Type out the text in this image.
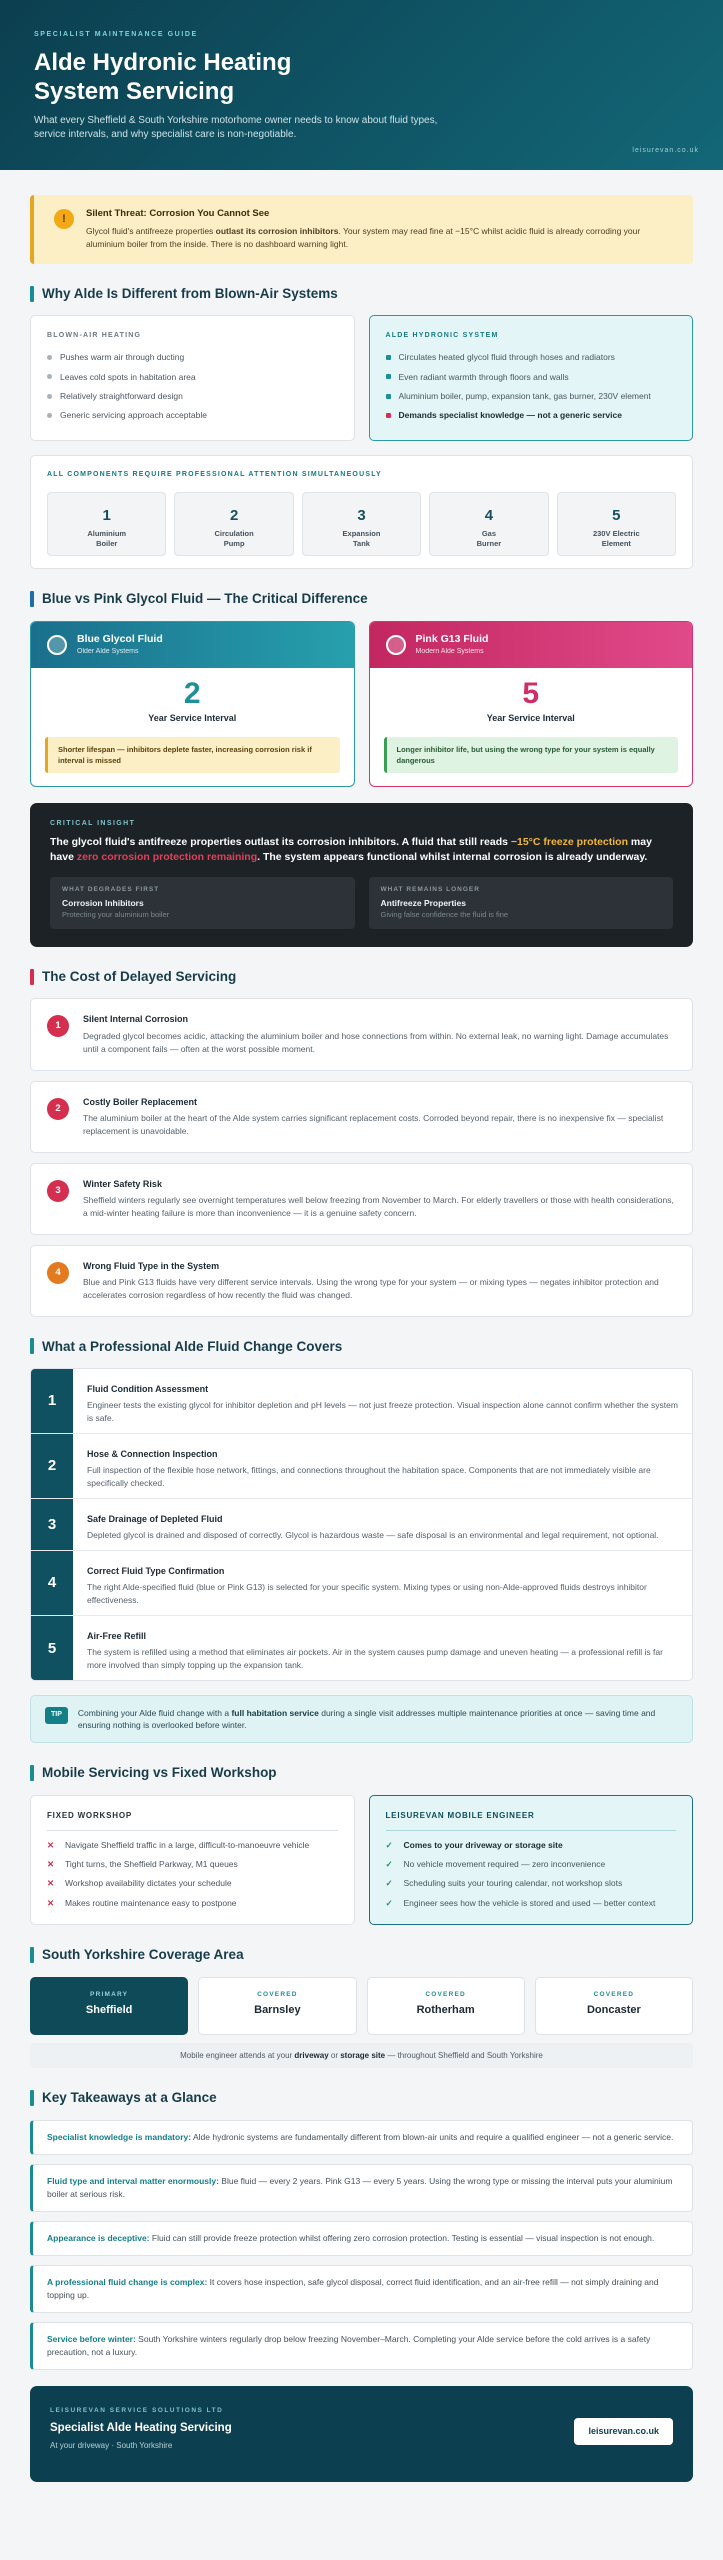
SPECIALIST MAINTENANCE GUIDE
Alde Hydronic Heating
System Servicing
What every Sheffield & South Yorkshire motorhome owner needs to know about fluid types, service intervals, and why specialist care is non-negotiable.
leisurevan.co.uk
!	Silent Threat: Corrosion You Cannot See
Glycol fluid's antifreeze properties outlast its corrosion inhibitors. Your system may read fine at −15°C whilst acidic fluid is already corroding your aluminium boiler from the inside. There is no dashboard warning light.
Why Alde Is Different from Blown-Air Systems
BLOWN-AIR HEATING
Pushes warm air through ducting
Leaves cold spots in habitation area
Relatively straightforward design
Generic servicing approach acceptable
ALDE HYDRONIC SYSTEM
Circulates heated glycol fluid through hoses and radiators
Even radiant warmth through floors and walls
Aluminium boiler, pump, expansion tank, gas burner, 230V element
Demands specialist knowledge — not a generic service
ALL COMPONENTS REQUIRE PROFESSIONAL ATTENTION SIMULTANEOUSLY
1
Aluminium
Boiler
2
Circulation
Pump
3
Expansion
Tank
4
Gas
Burner
5
230V Electric
Element
Blue vs Pink Glycol Fluid — The Critical Difference
Blue Glycol Fluid
Older Alde Systems
2
Year Service Interval
Shorter lifespan — inhibitors deplete faster, increasing corrosion risk if interval is missed
Pink G13 Fluid
Modern Alde Systems
5
Year Service Interval
Longer inhibitor life, but using the wrong type for your system is equally dangerous
CRITICAL INSIGHT
The glycol fluid's antifreeze properties outlast its corrosion inhibitors. A fluid that still reads −15°C freeze protection may have zero corrosion protection remaining. The system appears functional whilst internal corrosion is already underway.
WHAT DEGRADES FIRST
Corrosion Inhibitors
Protecting your aluminium boiler
WHAT REMAINS LONGER
Antifreeze Properties
Giving false confidence the fluid is fine
The Cost of Delayed Servicing
1
Silent Internal Corrosion
Degraded glycol becomes acidic, attacking the aluminium boiler and hose connections from within. No external leak, no warning light. Damage accumulates until a component fails — often at the worst possible moment.
2
Costly Boiler Replacement
The aluminium boiler at the heart of the Alde system carries significant replacement costs. Corroded beyond repair, there is no inexpensive fix — specialist replacement is unavoidable.
3
Winter Safety Risk
Sheffield winters regularly see overnight temperatures well below freezing from November to March. For elderly travellers or those with health considerations, a mid-winter heating failure is more than inconvenience — it is a genuine safety concern.
4
Wrong Fluid Type in the System
Blue and Pink G13 fluids have very different service intervals. Using the wrong type for your system — or mixing types — negates inhibitor protection and accelerates corrosion regardless of how recently the fluid was changed.
What a Professional Alde Fluid Change Covers
1
Fluid Condition Assessment
Engineer tests the existing glycol for inhibitor depletion and pH levels — not just freeze protection. Visual inspection alone cannot confirm whether the system is safe.
2
Hose & Connection Inspection
Full inspection of the flexible hose network, fittings, and connections throughout the habitation space. Components that are not immediately visible are specifically checked.
3	Safe Drainage of Depleted Fluid
Depleted glycol is drained and disposed of correctly. Glycol is hazardous waste — safe disposal is an environmental and legal requirement, not optional.
4
Correct Fluid Type Confirmation
The right Alde-specified fluid (blue or Pink G13) is selected for your specific system. Mixing types or using non-Alde-approved fluids destroys inhibitor effectiveness.
5
Air-Free Refill
The system is refilled using a method that eliminates air pockets. Air in the system causes pump damage and uneven heating — a professional refill is far more involved than simply topping up the expansion tank.
TIP	Combining your Alde fluid change with a full habitation service during a single visit addresses multiple maintenance priorities at once — saving time and ensuring nothing is overlooked before winter.
Mobile Servicing vs Fixed Workshop
FIXED WORKSHOP
✕	Navigate Sheffield traffic in a large, difficult-to-manoeuvre vehicle
✕	Tight turns, the Sheffield Parkway, M1 queues
✕	Workshop availability dictates your schedule
✕	Makes routine maintenance easy to postpone
LEISUREVAN MOBILE ENGINEER
✓	Comes to your driveway or storage site
✓	No vehicle movement required — zero inconvenience
✓	Scheduling suits your touring calendar, not workshop slots
✓	Engineer sees how the vehicle is stored and used — better context
South Yorkshire Coverage Area
PRIMARY
Sheffield
COVERED
Barnsley
COVERED
Rotherham
COVERED
Doncaster
Mobile engineer attends at your driveway or storage site — throughout Sheffield and South Yorkshire
Key Takeaways at a Glance
Specialist knowledge is mandatory: Alde hydronic systems are fundamentally different from blown-air units and require a qualified engineer — not a generic service.
Fluid type and interval matter enormously: Blue fluid — every 2 years. Pink G13 — every 5 years. Using the wrong type or missing the interval puts your aluminium boiler at serious risk.
Appearance is deceptive: Fluid can still provide freeze protection whilst offering zero corrosion protection. Testing is essential — visual inspection is not enough.
A professional fluid change is complex: It covers hose inspection, safe glycol disposal, correct fluid identification, and an air-free refill — not simply draining and topping up.
Service before winter: South Yorkshire winters regularly drop below freezing November–March. Completing your Alde service before the cold arrives is a safety precaution, not a luxury.
LEISUREVAN SERVICE SOLUTIONS LTD
Specialist Alde Heating Servicing
At your driveway · South Yorkshire
leisurevan.co.uk
